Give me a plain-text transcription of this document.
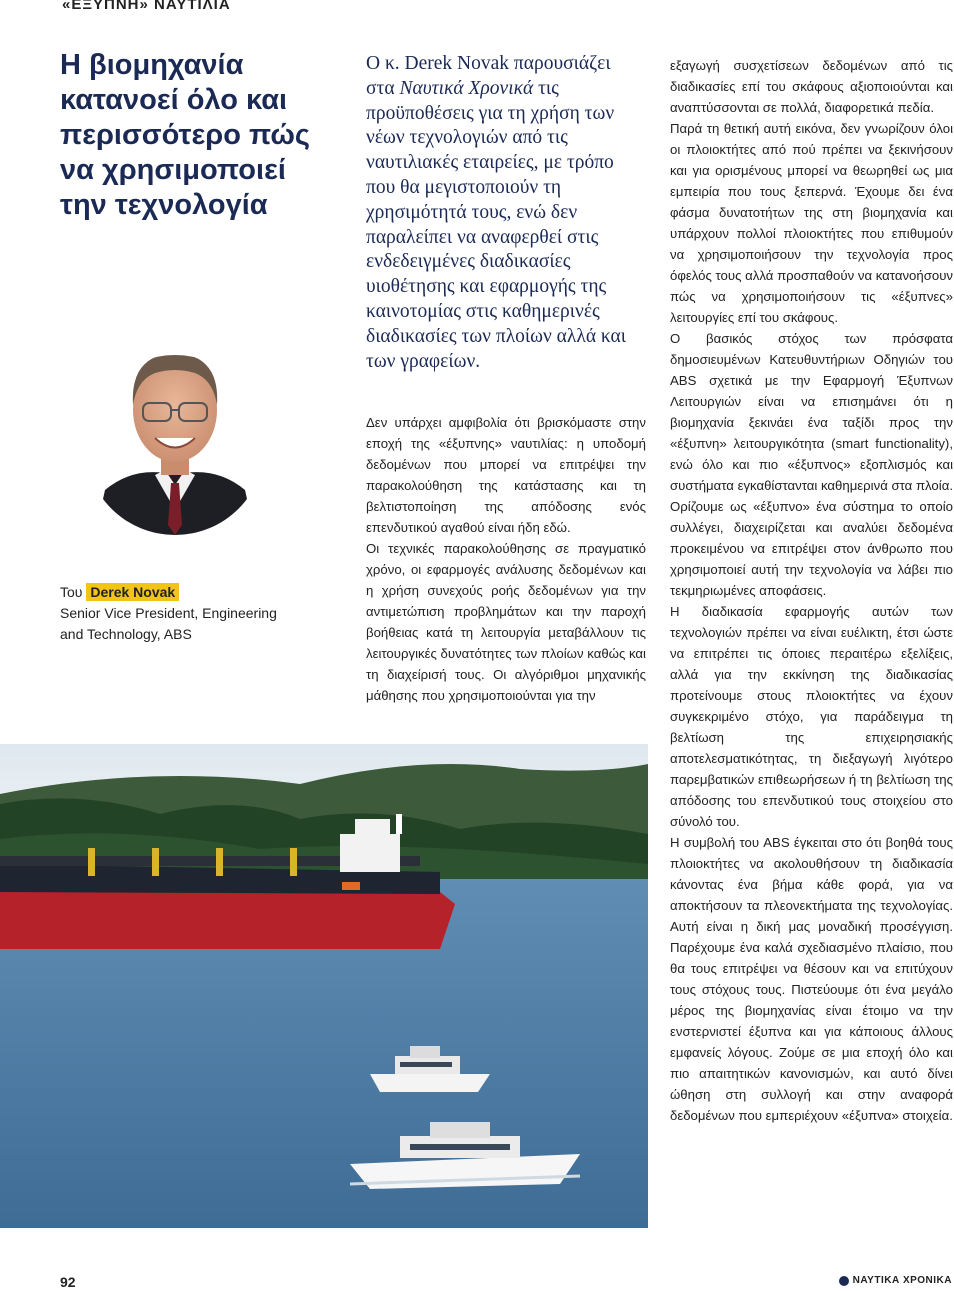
«ΕΞΥΠΝΗ» ΝΑΥΤΙΛΙΑ
Η βιομηχανία
κατανοεί όλο και
περισσότερο πώς
να χρησιμοποιεί
την τεχνολογία
Του Derek Novak
Senior Vice President, Engineering
and Technology, ABS

Ο κ. Derek Novak παρουσιάζει στα Ναυτικά Χρονικά τις προϋποθέσεις για τη χρήση των νέων τεχνολογιών από τις ναυτιλιακές εταιρείες, με τρόπο που θα μεγιστοποιούν τη χρησιμότητά τους, ενώ δεν παραλείπει να αναφερθεί στις ενδεδειγμένες διαδικασίες υιοθέτησης και εφαρμογής της καινοτομίας στις καθημερινές διαδικασίες των πλοίων αλλά και των γραφείων.

Δεν υπάρχει αμφιβολία ότι βρισκόμαστε στην εποχή της «έξυπνης» ναυτιλίας: η υποδομή δεδομένων που μπορεί να επιτρέψει την παρακολούθηση της κατάστασης και τη βελτιστοποίηση της απόδοσης ενός επενδυτικού αγαθού είναι ήδη εδώ.

Οι τεχνικές παρακολούθησης σε πραγματικό χρόνο, οι εφαρμογές ανάλυσης δεδομένων και η χρήση συνεχούς ροής δεδομένων για την αντιμετώπιση προβλημάτων και την παροχή βοήθειας κατά τη λειτουργία μεταβάλλουν τις λειτουργικές δυνατότητες των πλοίων καθώς και τη διαχείρισή τους. Οι αλγόριθμοι μηχανικής μάθησης που χρησιμοποιούνται για την

εξαγωγή συσχετίσεων δεδομένων από τις διαδικασίες επί του σκάφους αξιοποιούνται και αναπτύσσονται σε πολλά, διαφορετικά πεδία.

Παρά τη θετική αυτή εικόνα, δεν γνωρίζουν όλοι οι πλοιοκτήτες από πού πρέπει να ξεκινήσουν και για ορισμένους μπορεί να θεωρηθεί ως μια εμπειρία που τους ξεπερνά. Έχουμε δει ένα φάσμα δυνατοτήτων της στη βιομηχανία και υπάρχουν πολλοί πλοιοκτήτες που επιθυμούν να χρησιμοποιήσουν την τεχνολογία προς όφελός τους αλλά προσπαθούν να κατανοήσουν πώς να χρησιμοποιήσουν τις «έξυπνες» λειτουργίες επί του σκάφους.

Ο βασικός στόχος των πρόσφατα δημοσιευμένων Κατευθυντήριων Οδηγιών του ABS σχετικά με την Εφαρμογή Έξυπνων Λειτουργιών είναι να επισημάνει ότι η βιομηχανία ξεκινάει ένα ταξίδι προς την «έξυπνη» λειτουργικότητα (smart functionality), ενώ όλο και πιο «έξυπνος» εξοπλισμός και συστήματα εγκαθίστανται καθημερινά στα πλοία. Ορίζουμε ως «έξυπνο» ένα σύστημα το οποίο συλλέγει, διαχειρίζεται και αναλύει δεδομένα προκειμένου να επιτρέψει στον άνθρωπο που χρησιμοποιεί αυτή την τεχνολογία να λάβει πιο τεκμηριωμένες αποφάσεις.

Η διαδικασία εφαρμογής αυτών των τεχνολογιών πρέπει να είναι ευέλικτη, έτσι ώστε να επιτρέπει τις όποιες περαιτέρω εξελίξεις, αλλά για την εκκίνηση της διαδικασίας προτείνουμε στους πλοιοκτήτες να έχουν συγκεκριμένο στόχο, για παράδειγμα τη βελτίωση της επιχειρησιακής αποτελεσματικότητας, τη διεξαγωγή λιγότερο παρεμβατικών επιθεωρήσεων ή τη βελτίωση της απόδοσης του επενδυτικού τους στοιχείου στο σύνολό του.

Η συμβολή του ABS έγκειται στο ότι βοηθά τους πλοιοκτήτες να ακολουθήσουν τη διαδικασία κάνοντας ένα βήμα κάθε φορά, για να αποκτήσουν τα πλεονεκτήματα της τεχνολογίας. Αυτή είναι η δική μας μοναδική προσέγγιση. Παρέχουμε ένα καλά σχεδιασμένο πλαίσιο, που θα τους επιτρέψει να θέσουν και να επιτύχουν τους στόχους τους. Πιστεύουμε ότι ένα μεγάλο μέρος της βιομηχανίας είναι έτοιμο να την ενστερνιστεί έξυπνα και για κάποιους άλλους εμφανείς λόγους. Ζούμε σε μια εποχή όλο και πιο απαιτητικών κανονισμών, και αυτό δίνει ώθηση στη συλλογή και στην αναφορά δεδομένων που εμπεριέχουν «έξυπνα» στοιχεία.

92	ΝΑΥΤΙΚΑ ΧΡΟΝΙΚΑ
